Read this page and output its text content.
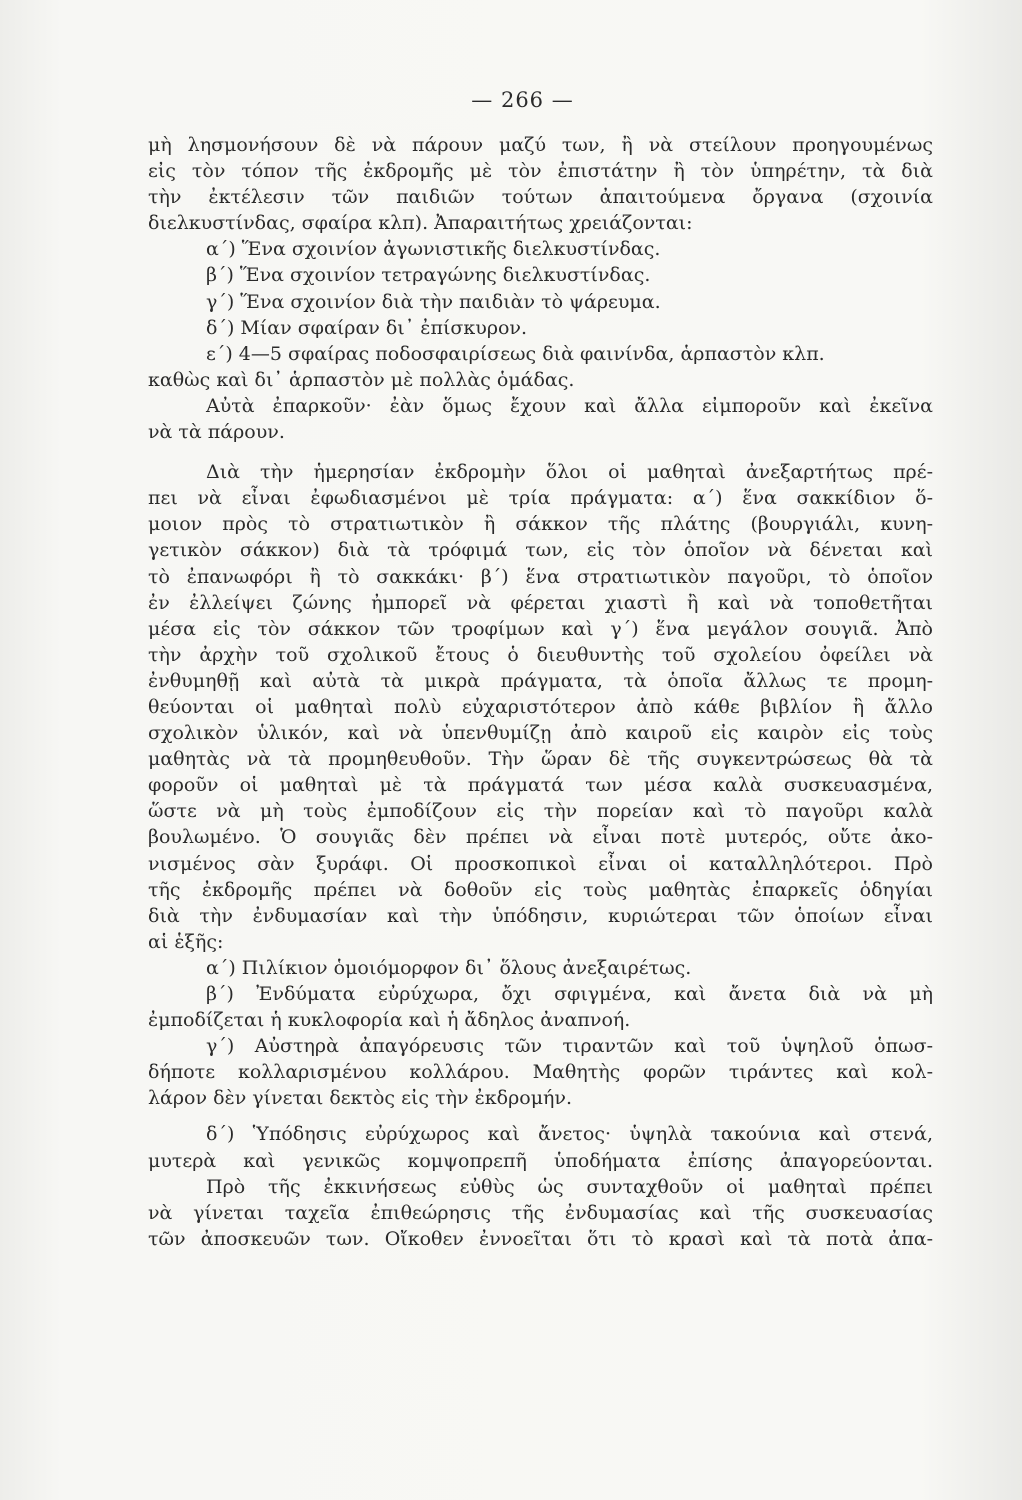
— 266 —
μὴ λησμονήσουν δὲ νὰ πάρουν μαζύ των, ἢ νὰ στείλουν προηγουμένως
εἰς τὸν τόπον τῆς ἐκδρομῆς μὲ τὸν ἐπιστάτην ἢ τὸν ὑπηρέτην, τὰ διὰ
τὴν ἐκτέλεσιν τῶν παιδιῶν τούτων ἀπαιτούμενα ὄργανα (σχοινία
διελκυστίνδας, σφαίρα κλπ). Ἀπαραιτήτως χρειάζονται:
α´) Ἕνα σχοινίον ἀγωνιστικῆς διελκυστίνδας.
β´) Ἕνα σχοινίον τετραγώνης διελκυστίνδας.
γ´) Ἕνα σχοινίον διὰ τὴν παιδιὰν τὸ ψάρευμα.
δ´) Μίαν σφαίραν δι᾽ ἐπίσκυρον.
ε´) 4—5 σφαίρας ποδοσφαιρίσεως διὰ φαινίνδα, ἁρπαστὸν κλπ.
καθὼς καὶ δι᾽ ἁρπαστὸν μὲ πολλὰς ὁμάδας.
Αὐτὰ ἐπαρκοῦν· ἐὰν ὅμως ἔχουν καὶ ἄλλα εἰμποροῦν καὶ ἐκεῖνα
νὰ τὰ πάρουν.
Διὰ τὴν ἡμερησίαν ἐκδρομὴν ὅλοι οἱ μαθηταὶ ἀνεξαρτήτως πρέ-
πει νὰ εἶναι ἐφωδιασμένοι μὲ τρία πράγματα: α´) ἕνα σακκίδιον ὅ-
μοιον πρὸς τὸ στρατιωτικὸν ἢ σάκκον τῆς πλάτης (βουργιάλι, κυνη-
γετικὸν σάκκον) διὰ τὰ τρόφιμά των, εἰς τὸν ὁποῖον νὰ δένεται καὶ
τὸ ἐπανωφόρι ἢ τὸ σακκάκι· β´) ἕνα στρατιωτικὸν παγοῦρι, τὸ ὁποῖον
ἐν ἐλλείψει ζώνης ἠμπορεῖ νὰ φέρεται χιαστὶ ἢ καὶ νὰ τοποθετῆται
μέσα εἰς τὸν σάκκον τῶν τροφίμων καὶ γ´) ἕνα μεγάλον σουγιᾶ. Ἀπὸ
τὴν ἀρχὴν τοῦ σχολικοῦ ἔτους ὁ διευθυντὴς τοῦ σχολείου ὀφείλει νὰ
ἐνθυμηθῇ καὶ αὐτὰ τὰ μικρὰ πράγματα, τὰ ὁποῖα ἄλλως τε προμη-
θεύονται οἱ μαθηταὶ πολὺ εὐχαριστότερον ἀπὸ κάθε βιβλίον ἢ ἄλλο
σχολικὸν ὑλικόν, καὶ νὰ ὑπενθυμίζῃ ἀπὸ καιροῦ εἰς καιρὸν εἰς τοὺς
μαθητὰς νὰ τὰ προμηθευθοῦν. Τὴν ὥραν δὲ τῆς συγκεντρώσεως θὰ τὰ
φοροῦν οἱ μαθηταὶ μὲ τὰ πράγματά των μέσα καλὰ συσκευασμένα,
ὥστε νὰ μὴ τοὺς ἐμποδίζουν εἰς τὴν πορείαν καὶ τὸ παγοῦρι καλὰ
βουλωμένο. Ὁ σουγιᾶς δὲν πρέπει νὰ εἶναι ποτὲ μυτερός, οὔτε ἀκο-
νισμένος σὰν ξυράφι. Οἱ προσκοπικοὶ εἶναι οἱ καταλληλότεροι. Πρὸ
τῆς ἐκδρομῆς πρέπει νὰ δοθοῦν εἰς τοὺς μαθητὰς ἐπαρκεῖς ὁδηγίαι
διὰ τὴν ἐνδυμασίαν καὶ τὴν ὑπόδησιν, κυριώτεραι τῶν ὁποίων εἶναι
αἱ ἑξῆς:
α´) Πιλίκιον ὁμοιόμορφον δι᾽ ὅλους ἀνεξαιρέτως.
β´) Ἐνδύματα εὐρύχωρα, ὄχι σφιγμένα, καὶ ἄνετα διὰ νὰ μὴ
ἐμποδίζεται ἡ κυκλοφορία καὶ ἡ ἄδηλος ἀναπνοή.
γ´) Αὐστηρὰ ἀπαγόρευσις τῶν τιραντῶν καὶ τοῦ ὑψηλοῦ ὁπωσ-
δήποτε κολλαρισμένου κολλάρου. Μαθητὴς φορῶν τιράντες καὶ κολ-
λάρον δὲν γίνεται δεκτὸς εἰς τὴν ἐκδρομήν.
δ´) Ὑπόδησις εὐρύχωρος καὶ ἄνετος· ὑψηλὰ τακούνια καὶ στενά,
μυτερὰ καὶ γενικῶς κομψοπρεπῆ ὑποδήματα ἐπίσης ἀπαγορεύονται.
Πρὸ τῆς ἐκκινήσεως εὐθὺς ὡς συνταχθοῦν οἱ μαθηταὶ πρέπει
νὰ γίνεται ταχεῖα ἐπιθεώρησις τῆς ἐνδυμασίας καὶ τῆς συσκευασίας
τῶν ἀποσκευῶν των. Οἴκοθεν ἐννοεῖται ὅτι τὸ κρασὶ καὶ τὰ ποτὰ ἀπα-
